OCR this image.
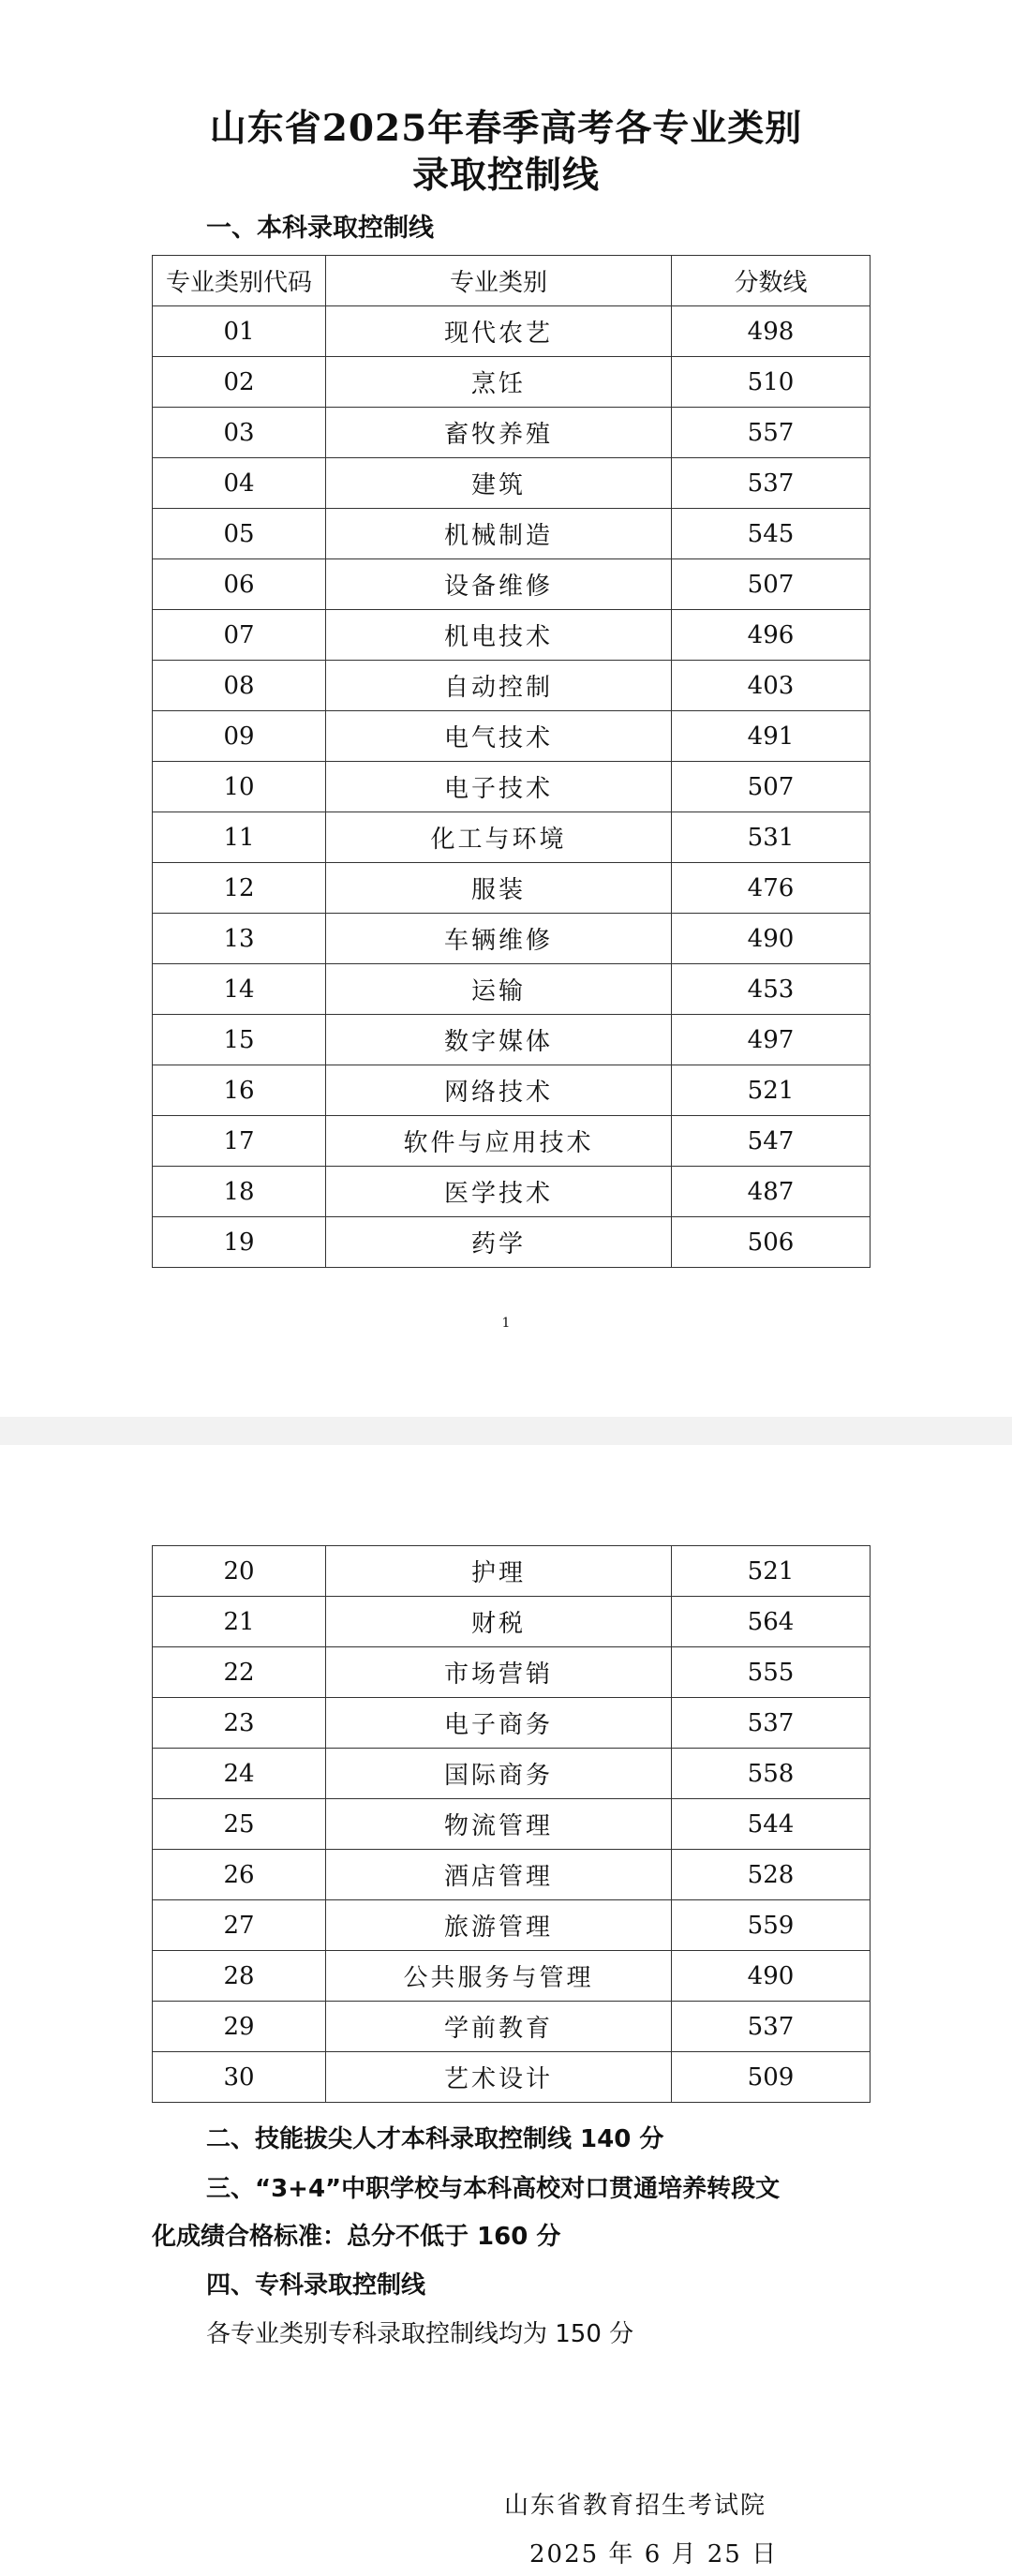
山东省2025年春季高考各专业类别
录取控制线
一、本科录取控制线
专业类别代码	专业类别	分数线
01	现代农艺	498
02	烹饪	510
03	畜牧养殖	557
04	建筑	537
05	机械制造	545
06	设备维修	507
07	机电技术	496
08	自动控制	403
09	电气技术	491
10	电子技术	507
11	化工与环境	531
12	服装	476
13	车辆维修	490
14	运输	453
15	数字媒体	497
16	网络技术	521
17	软件与应用技术	547
18	医学技术	487
19	药学	506
1
20	护理	521
21	财税	564
22	市场营销	555
23	电子商务	537
24	国际商务	558
25	物流管理	544
26	酒店管理	528
27	旅游管理	559
28	公共服务与管理	490
29	学前教育	537
30	艺术设计	509
二、技能拔尖人才本科录取控制线 140 分
三、“3+4”中职学校与本科高校对口贯通培养转段文
化成绩合格标准：总分不低于 160 分
四、专科录取控制线
各专业类别专科录取控制线均为 150 分
山东省教育招生考试院
2025 年 6 月 25 日
